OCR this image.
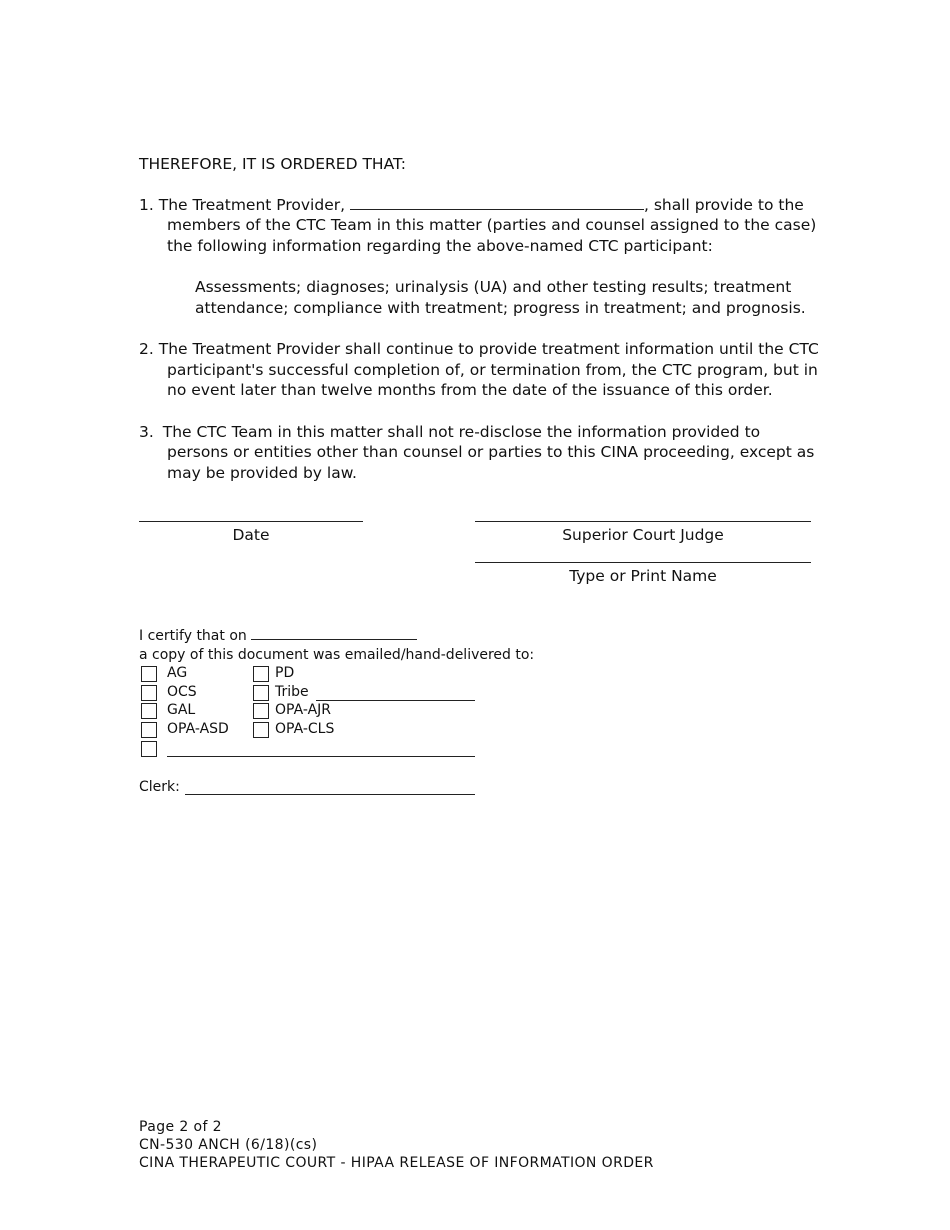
THEREFORE, IT IS ORDERED THAT:
1. The Treatment Provider,	, shall provide to the
members of the CTC Team in this matter (parties and counsel assigned to the case)
the following information regarding the above-named CTC participant:
Assessments; diagnoses; urinalysis (UA) and other testing results; treatment
attendance; compliance with treatment; progress in treatment; and prognosis.
2. The Treatment Provider shall continue to provide treatment information until the CTC
participant's successful completion of, or termination from, the CTC program, but in
no event later than twelve months from the date of the issuance of this order.
3. The CTC Team in this matter shall not re-disclose the information provided to
persons or entities other than counsel or parties to this CINA proceeding, except as
may be provided by law.
Date	Superior Court Judge
Type or Print Name
I certify that on
a copy of this document was emailed/hand-delivered to:
AG
OCS
GAL
OPA-ASD
PD
Tribe
OPA-AJR
OPA-CLS
Clerk:
Page 2 of 2
CN-530 ANCH (6/18)(cs)
CINA THERAPEUTIC COURT - HIPAA RELEASE OF INFORMATION ORDER
